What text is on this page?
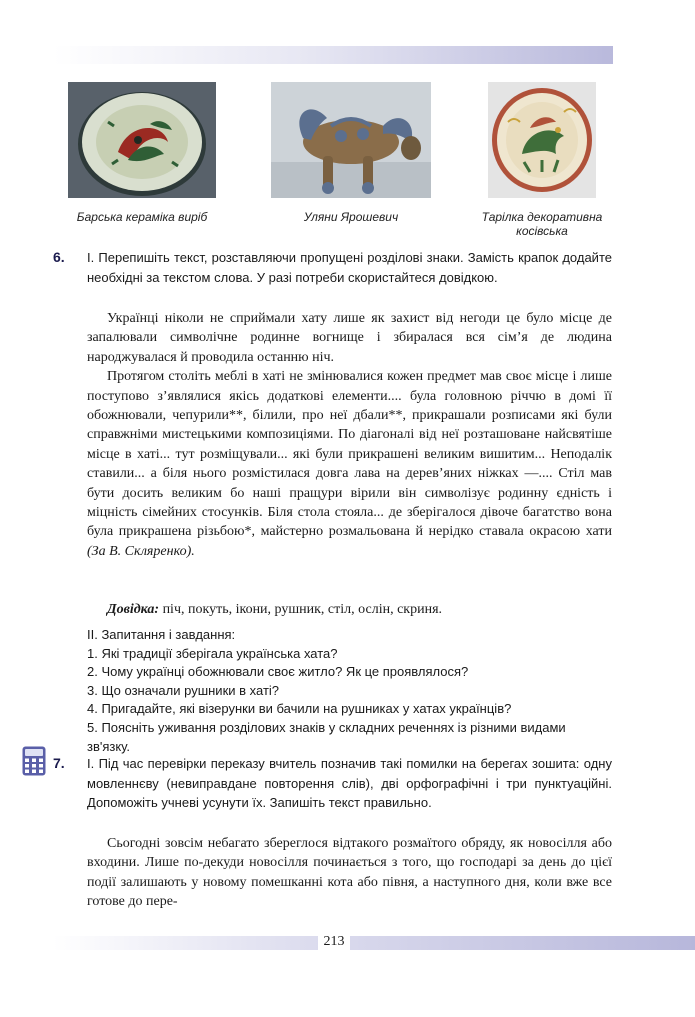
Барська кераміка виріб	Уляни Ярошевич	Тарілка декоративна косівська
6. І. Перепишіть текст, розставляючи пропущені розділові знаки. Замість крапок додайте необхідні за текстом слова. У разі потреби скористайтеся довідкою.

Українці ніколи не сприймали хату лише як захист від негоди це було місце де запалювали символічне родинне вогнище і збиралася вся сім’я де людина народжувалася й проводила останню ніч.

Протягом століть меблі в хаті не змінювалися кожен предмет мав своє місце і лише поступово з’являлися якісь додаткові елементи.... була головною річчю в домі її обожнювали, чепурили**, білили, про неї дбали**, прикрашали розписами які були справжніми мистецькими композиціями. По діагоналі від неї розташоване найсвятіше місце в хаті... тут розміщували... які були прикрашені великим вишитим... Неподалік ставили... а біля нього розмістилася довга лава на дерев’яних ніжках —.... Стіл мав бути досить великим бо наші пращури вірили він символізує родинну єдність і міцність сімейних стосунків. Біля стола стояла... де зберігалося дівоче багатство вона була прикрашена різьбою*, майстерно розмальована й нерідко ставала окрасою хати (За В. Скляренко).

Довідка: піч, покуть, ікони, рушник, стіл, ослін, скриня.

ІІ. Запитання і завдання:

1. Які традиції зберігала українська хата?

2. Чому українці обожнювали своє житло? Як це проявлялося?

3. Що означали рушники в хаті?

4. Пригадайте, які візерунки ви бачили на рушниках у хатах українців?

5. Поясніть уживання розділових знаків у складних реченнях із різними видами зв'язку.

7. І. Під час перевірки переказу вчитель позначив такі помилки на берегах зошита: одну мовленнєву (невиправдане повторення слів), дві орфографічні і три пунктуаційні. Допоможіть учневі усунути їх. Запишіть текст правильно.

Сьогодні зовсім небагато збереглося відтакого розмаїтого обряду, як новосілля або входини. Лише по-декуди новосілля починається з того, що господарі за день до цієї події залишають у новому помешканні кота або півня, а наступного дня, коли вже все готове до пере-

213
